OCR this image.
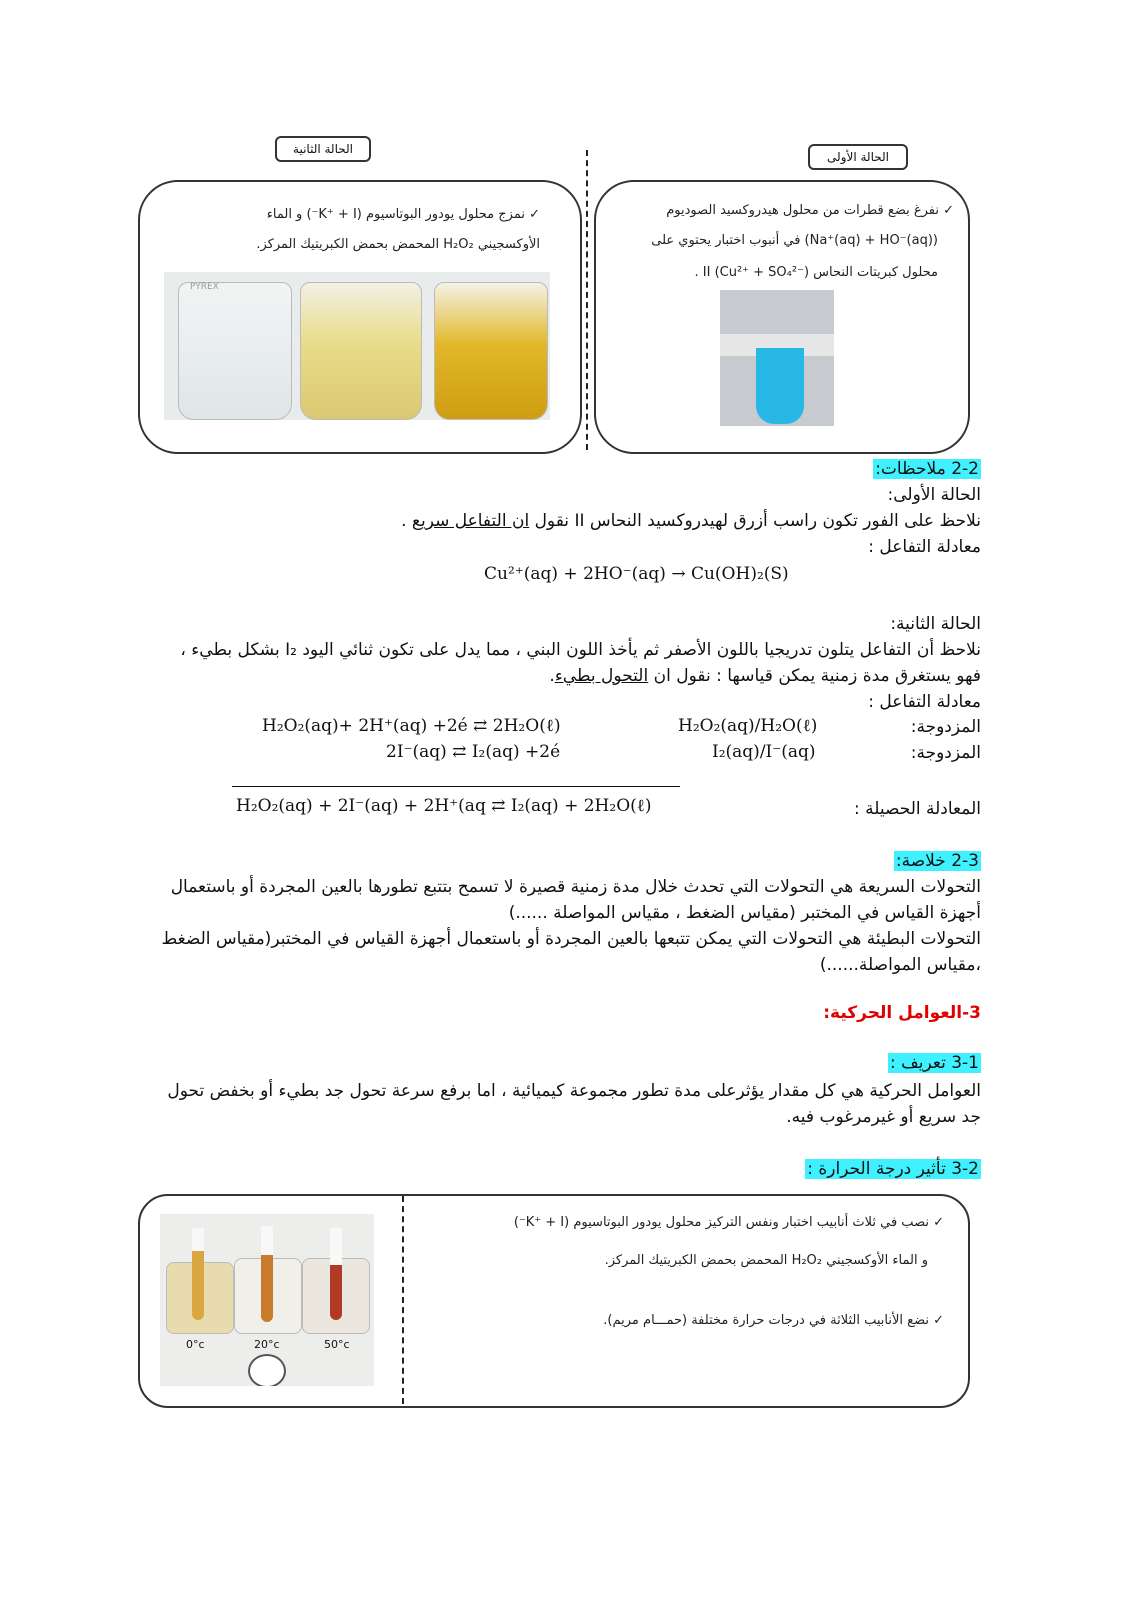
الحالة الثانية
الحالة الأولى
✓ نمزج محلول يودور البوتاسيوم (K⁺ + I⁻) و الماء
الأوكسجيني H₂O₂ المحمض بحمض الكبريتيك المركز.
PYREX
✓ نفرغ بضع قطرات من محلول هيدروكسيد الصوديوم
(Na⁺(aq) + HO⁻(aq)) في أنبوب اختبار يحتوي على
محلول كبريتات النحاس II (Cu²⁺ + SO₄²⁻) .
2-2 ملاحظات:
الحالة الأولى:
نلاحظ على الفور تكون راسب أزرق لهيدروكسيد النحاس II نقول ان التفاعل سريع .
معادلة التفاعل :
Cu²⁺(aq) + 2HO⁻(aq) → Cu(OH)₂(S)
الحالة الثانية:
نلاحظ أن التفاعل يتلون تدريجيا باللون الأصفر ثم يأخذ اللون البني ، مما يدل على تكون ثنائي اليود I₂ بشكل بطيء ،
فهو يستغرق مدة زمنية يمكن قياسها : نقول ان التحول بطيء.
معادلة التفاعل :
H₂O₂(aq)+ 2H⁺(aq) +2é ⇄ 2H₂O(ℓ)	H₂O₂(aq)/H₂O(ℓ)	المزدوجة:
2I⁻(aq) ⇄ I₂(aq) +2é	I₂(aq)/I⁻(aq)	المزدوجة:
H₂O₂(aq) + 2I⁻(aq) + 2H⁺(aq ⇄ I₂(aq) + 2H₂O(ℓ)	المعادلة الحصيلة :
2-3 خلاصة:
التحولات السريعة هي التحولات التي تحدث خلال مدة زمنية قصيرة لا تسمح بتتبع تطورها بالعين المجردة أو باستعمال
أجهزة القياس في المختبر (مقياس الضغط ، مقياس المواصلة ......)
التحولات البطيئة هي التحولات التي يمكن تتبعها بالعين المجردة أو باستعمال أجهزة القياس في المختبر(مقياس الضغط
،مقياس المواصلة......)
3-العوامل الحركية:
3-1 تعريف :
العوامل الحركية هي كل مقدار يؤثرعلى مدة تطور مجموعة كيميائية ، اما برفع سرعة تحول جد بطيء أو بخفض تحول
جد سريع أو غيرمرغوب فيه.
3-2 تأثير درجة الحرارة :
✓ نصب في ثلاث أنابيب اختبار ونفس التركيز محلول يودور البوتاسيوم (K⁺ + I⁻)
و الماء الأوكسجيني H₂O₂ المحمض بحمض الكبريتيك المركز.
✓ نضع الأنابيب الثلاثة في درجات حرارة مختلفة (حمـــام مريم).
0°c	20°c	50°c
